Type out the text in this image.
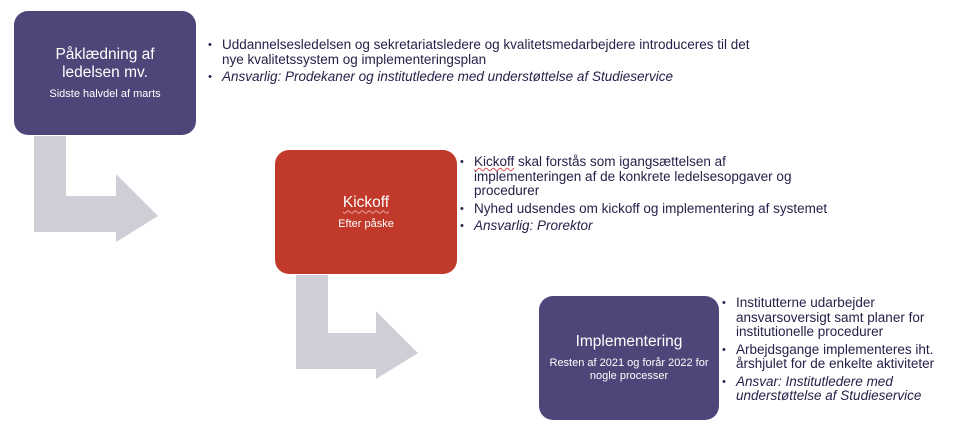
Påklædning af
ledelsen mv.
Sidste halvdel af marts
• Uddannelsesledelsen og sekretariatsledere og kvalitetsmedarbejdere introduceres til det nye kvalitetssystem og implementeringsplan
• Ansvarlig: Prodekaner og institutledere med understøttelse af Studieservice
Kickoff
Efter påske
• Kickoff skal forstås som igangsættelsen af implementeringen af de konkrete ledelsesopgaver og procedurer
• Nyhed udsendes om kickoff og implementering af systemet
• Ansvarlig: Prorektor
Implementering
Resten af 2021 og forår 2022 for nogle processer
• Institutterne udarbejder ansvarsoversigt samt planer for institutionelle procedurer
• Arbejdsgange implementeres iht. årshjulet for de enkelte aktiviteter
• Ansvar: Institutledere med understøttelse af Studieservice
